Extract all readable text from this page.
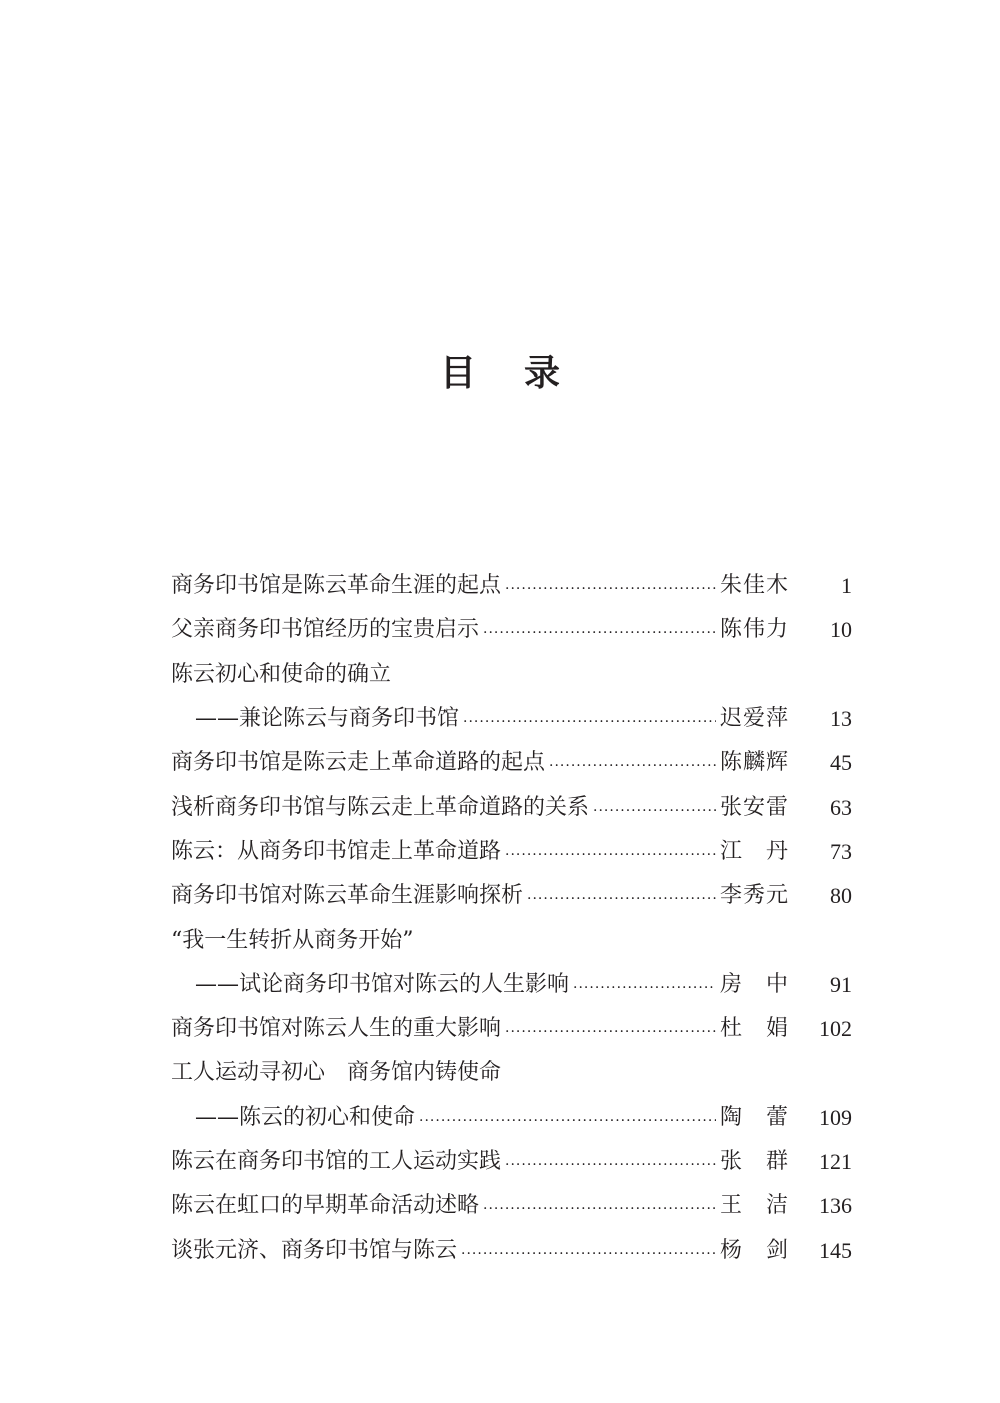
目 录
商务印书馆是陈云革命生涯的起点 ·····	朱佳木	1
父亲商务印书馆经历的宝贵启示 ·····	陈伟力	10
陈云初心和使命的确立
——兼论陈云与商务印书馆 ·····	迟爱萍	13
商务印书馆是陈云走上革命道路的起点 ·····	陈麟辉	45
浅析商务印书馆与陈云走上革命道路的关系 ·····	张安雷	63
陈云：从商务印书馆走上革命道路 ·····	江　丹	73
商务印书馆对陈云革命生涯影响探析 ·····	李秀元	80
“我一生转折从商务开始”
——试论商务印书馆对陈云的人生影响 ·····	房　中	91
商务印书馆对陈云人生的重大影响 ·····	杜　娟	102
工人运动寻初心　商务馆内铸使命
——陈云的初心和使命 ·····	陶　蕾	109
陈云在商务印书馆的工人运动实践 ·····	张　群	121
陈云在虹口的早期革命活动述略 ·····	王　洁	136
谈张元济、商务印书馆与陈云 ·····	杨　剑	145
